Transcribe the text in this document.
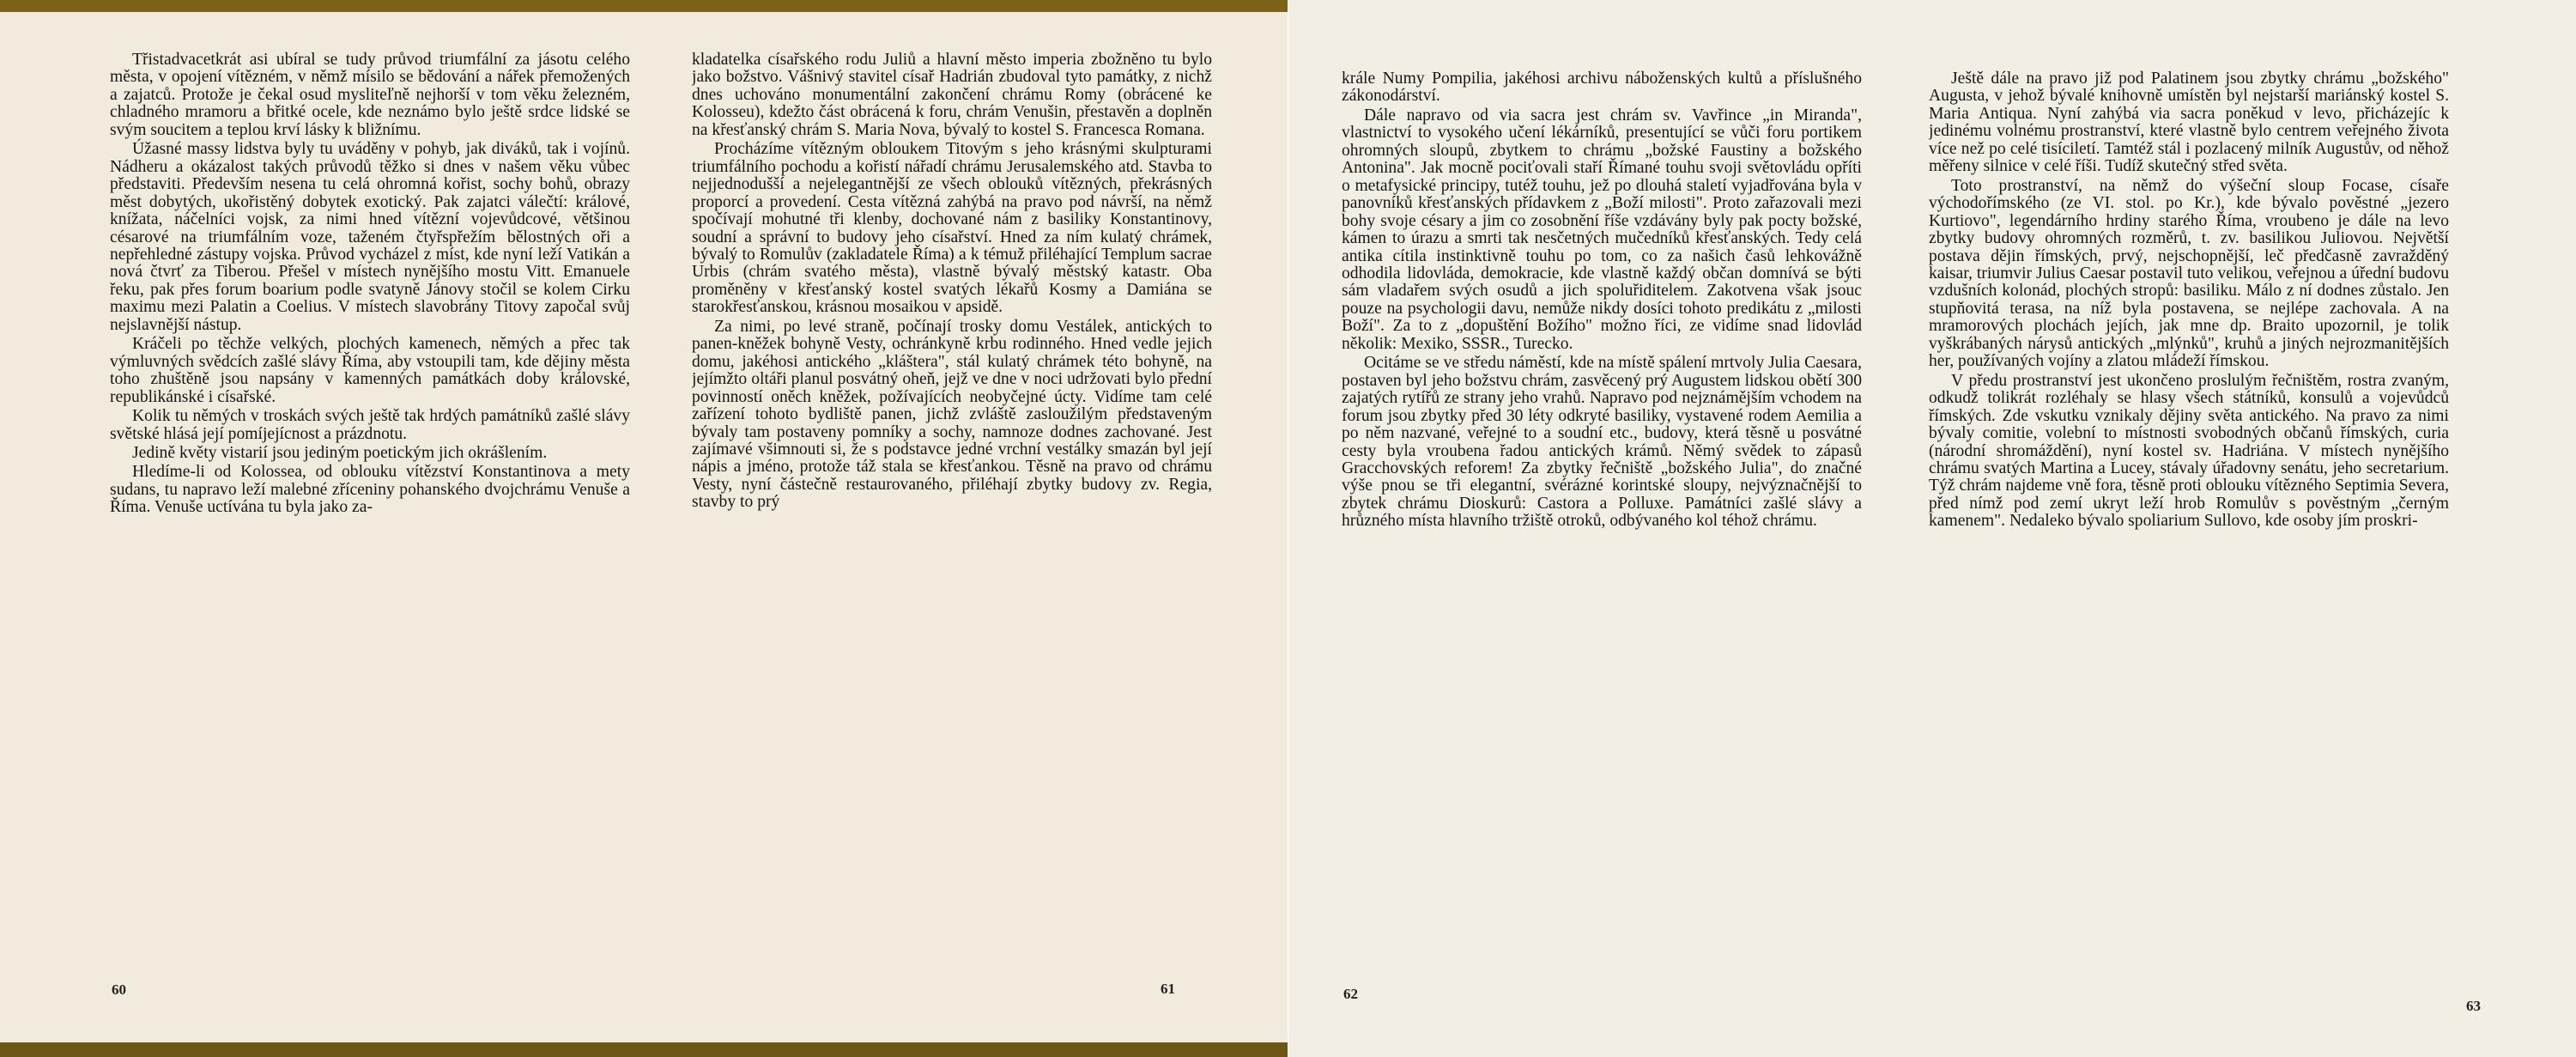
Třistadvacetkrát asi ubíral se tudy průvod triumfální za jásotu celého města, v opojení vítězném, v němž mísilo se bědování a nářek přemožených a zajatců. Protože je čekal osud mysliteľně nejhorší v tom věku železném, chladného mramoru a břitké ocele, kde neznámo bylo ještě srdce lidské se svým soucitem a teplou krví lásky k bližnímu.

Úžasné massy lidstva byly tu uváděny v pohyb, jak diváků, tak i vojínů. Nádheru a okázalost takých průvodů těžko si dnes v našem věku vůbec představiti. Především nesena tu celá ohromná kořist, sochy bohů, obrazy měst dobytých, ukořistěný dobytek exotický. Pak zajatci válečtí: králové, knížata, náčelníci vojsk, za nimi hned vítězní vojevůdcové, většinou césarové na triumfálním voze, taženém čtyřspřežím bělostných oři a nepřehledné zástupy vojska. Průvod vycházel z míst, kde nyní leží Vatikán a nová čtvrť za Tiberou. Přešel v místech nynějšího mostu Vitt. Emanuele řeku, pak přes forum boarium podle svatyně Jánovy stočil se kolem Cirku maximu mezi Palatin a Coelius. V místech slavobrány Titovy započal svůj nejslavnější nástup.

Kráčeli po těchže velkých, plochých kamenech, němých a přec tak výmluvných svědcích zašlé slávy Říma, aby vstoupili tam, kde dějiny města toho zhuštěně jsou napsány v kamenných památkách doby královské, republikánské i císařské.

Kolik tu němých v troskách svých ještě tak hrdých památníků zašlé slávy světské hlásá její pomíjejícnost a prázdnotu.

Jedině květy vistarií jsou jediným poetickým jich okrášlením.

Hledíme-li od Kolossea, od oblouku vítězství Konstantinova a mety sudans, tu napravo leží malebné zříceniny pohanského dvojchrámu Venuše a Říma. Venuše uctívána tu byla jako za-

60

kladatelka císařského rodu Juliů a hlavní město imperia zbožněno tu bylo jako božstvo. Vášnivý stavitel císař Hadrián zbudoval tyto památky, z nichž dnes uchováno monumentální zakončení chrámu Romy (obrácené ke Kolosseu), kdežto část obrácená k foru, chrám Venušin, přestavěn a doplněn na křesťanský chrám S. Maria Nova, bývalý to kostel S. Francesca Romana.

Procházíme vítězným obloukem Titovým s jeho krásnými skulpturami triumfálního pochodu a kořistí nářadí chrámu Jerusalemského atd. Stavba to nejjednodušší a nejelegantnější ze všech oblouků vítězných, překrásných proporcí a provedení. Cesta vítězná zahýbá na pravo pod návrší, na němž spočívají mohutné tři klenby, dochované nám z basiliky Konstantinovy, soudní a správní to budovy jeho císařství. Hned za ním kulatý chrámek, bývalý to Romulův (zakladatele Říma) a k témuž přiléhající Templum sacrae Urbis (chrám svatého města), vlastně bývalý městský katastr. Oba proměněny v křesťanský kostel svatých lékařů Kosmy a Damiána se starokřesťanskou, krásnou mosaikou v apsidě.

Za nimi, po levé straně, počínají trosky domu Vestálek, antických to panen-kněžek bohyně Vesty, ochránkyně krbu rodinného. Hned vedle jejich domu, jakéhosi antického „kláštera", stál kulatý chrámek této bohyně, na jejímžto oltáři planul posvátný oheň, jejž ve dne v noci udržovati bylo přední povinností oněch kněžek, požívajících neobyčejné úcty. Vidíme tam celé zařízení tohoto bydliště panen, jichž zvláště zasloužilým představeným bývaly tam postaveny pomníky a sochy, namnoze dodnes zachované. Jest zajímavé všimnouti si, že s podstavce jedné vrchní vestálky smazán byl její nápis a jméno, protože táž stala se křesťankou. Těsně na pravo od chrámu Vesty, nyní částečně restaurovaného, přiléhají zbytky budovy zv. Regia, stavby to prý

61

krále Numy Pompilia, jakéhosi archivu náboženských kultů a příslušného zákonodárství.

Dále napravo od via sacra jest chrám sv. Vavřince „in Miranda", vlastnictví to vysokého učení lékárníků, presentující se vůči foru portikem ohromných sloupů, zbytkem to chrámu „božské Faustiny a božského Antonina". Jak mocně pociťovali staří Římané touhu svoji světovládu opříti o metafysické principy, tutéž touhu, jež po dlouhá staletí vyjadřována byla v panovníků křesťanských přídavkem z „Boží milosti". Proto zařazovali mezi bohy svoje césary a jim co zosobnění říše vzdávány byly pak pocty božské, kámen to úrazu a smrti tak nesčetných mučedníků křesťanských. Tedy celá antika cítila instinktivně touhu po tom, co za našich časů lehkovážně odhodila lidovláda, demokracie, kde vlastně každý občan domnívá se býti sám vladařem svých osudů a jich spoluřiditelem. Zakotvena však jsouc pouze na psychologii davu, nemůže nikdy dosíci tohoto predikátu z „milosti Boží". Za to z „dopuštění Božího" možno říci, ze vidíme snad lidovlád několik: Mexiko, SSSR., Turecko.

Ocitáme se ve středu náměstí, kde na místě spálení mrtvoly Julia Caesara, postaven byl jeho božstvu chrám, zasvěcený prý Augustem lidskou obětí 300 zajatých rytířů ze strany jeho vrahů. Napravo pod nejznámějším vchodem na forum jsou zbytky před 30 léty odkryté basiliky, vystavené rodem Aemilia a po něm nazvané, veřejné to a soudní etc., budovy, která těsně u posvátné cesty byla vroubena řadou antických krámů. Němý svědek to zápasů Gracchovských reforem! Za zbytky řečniště „božského Julia", do značné výše pnou se tři elegantní, svérázné korintské sloupy, nejvýznačnější to zbytek chrámu Dioskurů: Castora a Polluxe. Památníci zašlé slávy a hrůzného místa hlavního tržiště otroků, odbývaného kol téhož chrámu.

62

Ještě dále na pravo již pod Palatinem jsou zbytky chrámu „božského" Augusta, v jehož bývalé knihovně umístěn byl nejstarší mariánský kostel S. Maria Antiqua. Nyní zahýbá via sacra poněkud v levo, přicházejíc k jedinému volnému prostranství, které vlastně bylo centrem veřejného života více než po celé tisíciletí. Tamtéž stál i pozlacený milník Augustův, od něhož měřeny silnice v celé říši. Tudíž skutečný střed světa.

Toto prostranství, na němž do výšeční sloup Focase, císaře východořímského (ze VI. stol. po Kr.), kde bývalo pověstné „jezero Kurtiovo", legendárního hrdiny starého Říma, vroubeno je dále na levo zbytky budovy ohromných rozměrů, t. zv. basilikou Juliovou. Největší postava dějin římských, prvý, nejschopnější, leč předčasně zavražděný kaisar, triumvir Julius Caesar postavil tuto velikou, veřejnou a úřední budovu vzdušních kolonád, plochých stropů: basiliku. Málo z ní dodnes zůstalo. Jen stupňovitá terasa, na níž byla postavena, se nejlépe zachovala. A na mramorových plochách jejích, jak mne dp. Braito upozornil, je tolik vyškrábaných nárysů antických „mlýnků", kruhů a jiných nejrozmanitějších her, používaných vojíny a zlatou mládeží římskou.

V předu prostranství jest ukončeno proslulým řečništěm, rostra zvaným, odkudž tolikrát rozléhaly se hlasy všech státníků, konsulů a vojevůdců římských. Zde vskutku vznikaly dějiny světa antického. Na pravo za nimi bývaly comitie, volební to místnosti svobodných občanů římských, curia (národní shromáždění), nyní kostel sv. Hadriána. V místech nynějšího chrámu svatých Martina a Lucey, stávaly úřadovny senátu, jeho secretarium. Týž chrám najdeme vně fora, těsně proti oblouku vítězného Septimia Severa, před nímž pod zemí ukryt leží hrob Romulův s pověstným „černým kamenem". Nedaleko bývalo spoliarium Sullovo, kde osoby jím proskri-

63
